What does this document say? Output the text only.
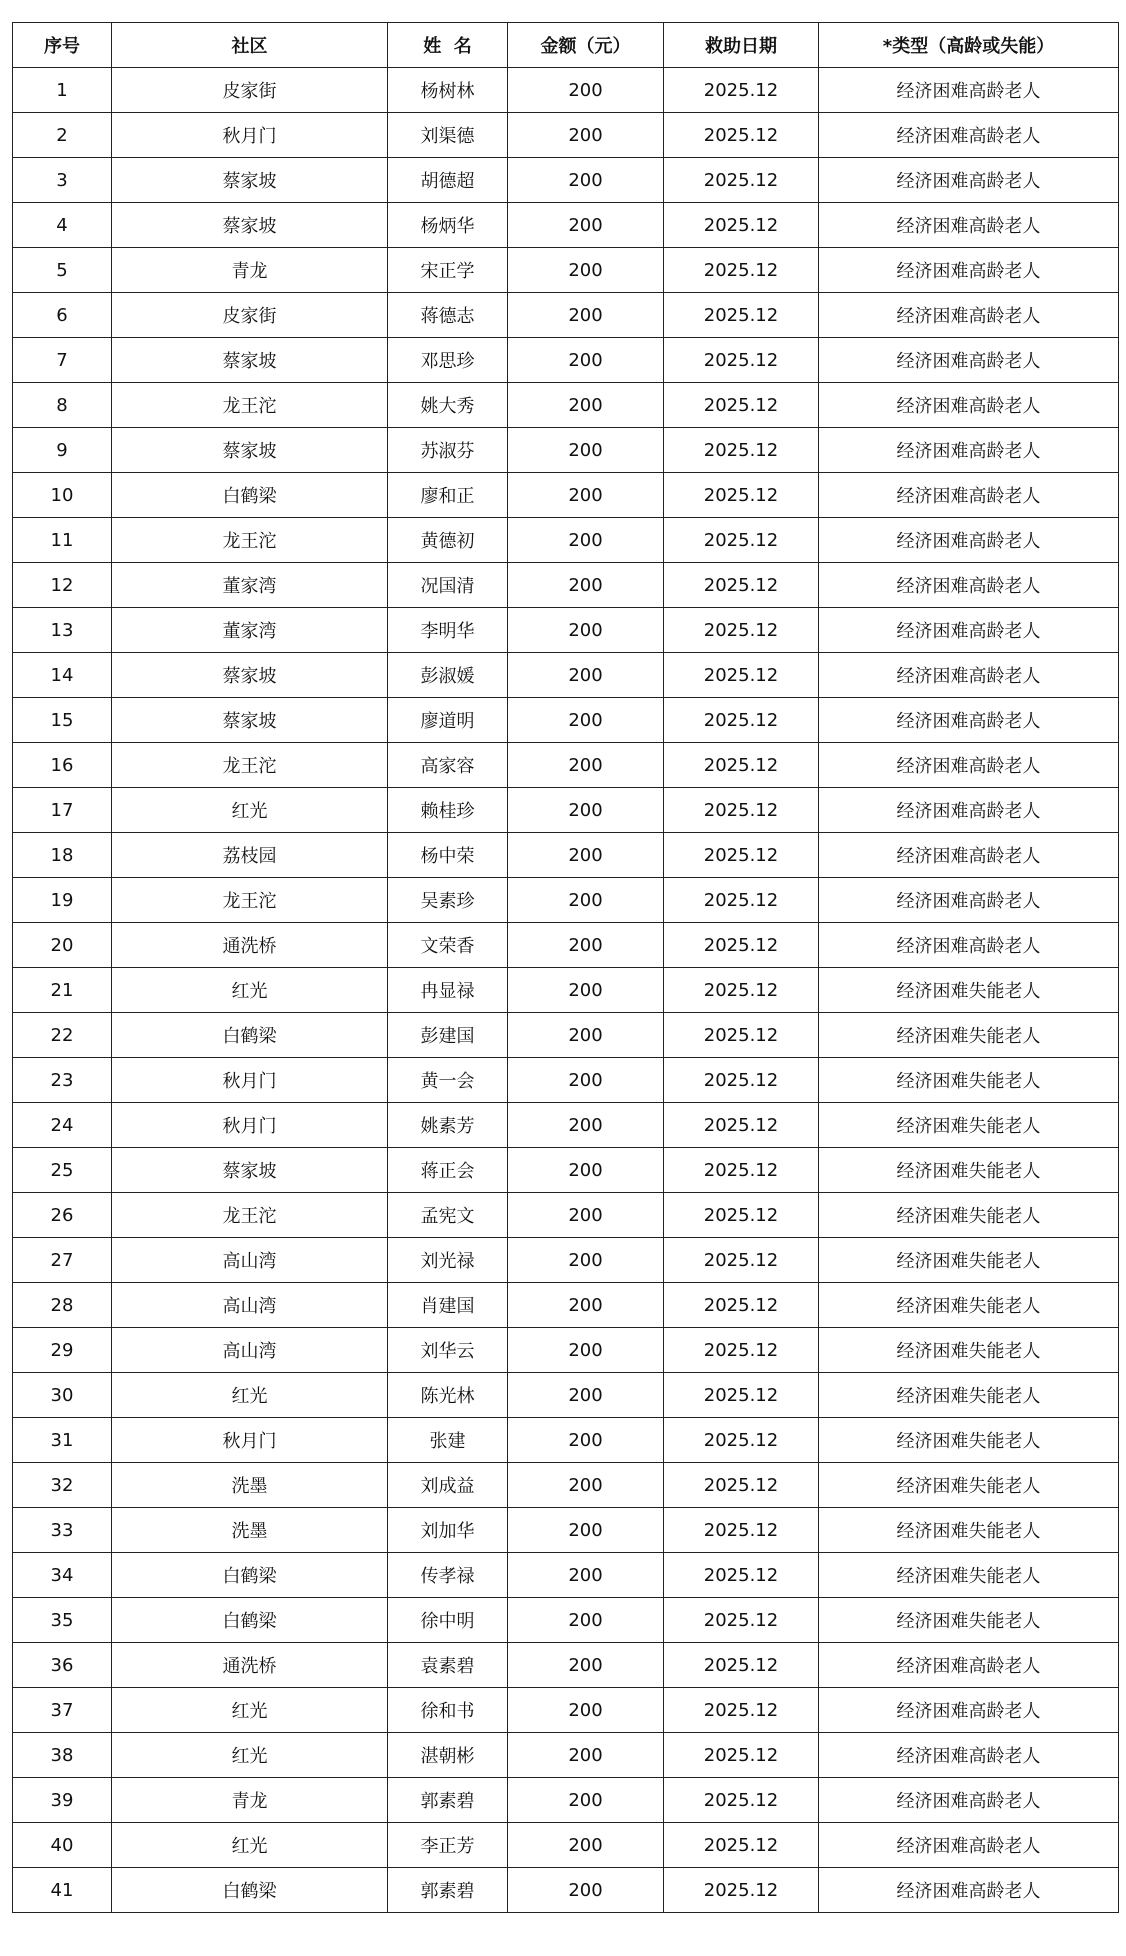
序号	社区	姓  名	金额（元）	救助日期	*类型（高龄或失能）
1	皮家街	杨树林	200	2025.12	经济困难高龄老人
2	秋月门	刘渠德	200	2025.12	经济困难高龄老人
3	蔡家坡	胡德超	200	2025.12	经济困难高龄老人
4	蔡家坡	杨炳华	200	2025.12	经济困难高龄老人
5	青龙	宋正学	200	2025.12	经济困难高龄老人
6	皮家街	蒋德志	200	2025.12	经济困难高龄老人
7	蔡家坡	邓思珍	200	2025.12	经济困难高龄老人
8	龙王沱	姚大秀	200	2025.12	经济困难高龄老人
9	蔡家坡	苏淑芬	200	2025.12	经济困难高龄老人
10	白鹤梁	廖和正	200	2025.12	经济困难高龄老人
11	龙王沱	黄德初	200	2025.12	经济困难高龄老人
12	董家湾	况国清	200	2025.12	经济困难高龄老人
13	董家湾	李明华	200	2025.12	经济困难高龄老人
14	蔡家坡	彭淑媛	200	2025.12	经济困难高龄老人
15	蔡家坡	廖道明	200	2025.12	经济困难高龄老人
16	龙王沱	高家容	200	2025.12	经济困难高龄老人
17	红光	赖桂珍	200	2025.12	经济困难高龄老人
18	荔枝园	杨中荣	200	2025.12	经济困难高龄老人
19	龙王沱	吴素珍	200	2025.12	经济困难高龄老人
20	通洗桥	文荣香	200	2025.12	经济困难高龄老人
21	红光	冉显禄	200	2025.12	经济困难失能老人
22	白鹤梁	彭建国	200	2025.12	经济困难失能老人
23	秋月门	黄一会	200	2025.12	经济困难失能老人
24	秋月门	姚素芳	200	2025.12	经济困难失能老人
25	蔡家坡	蒋正会	200	2025.12	经济困难失能老人
26	龙王沱	孟宪文	200	2025.12	经济困难失能老人
27	高山湾	刘光禄	200	2025.12	经济困难失能老人
28	高山湾	肖建国	200	2025.12	经济困难失能老人
29	高山湾	刘华云	200	2025.12	经济困难失能老人
30	红光	陈光林	200	2025.12	经济困难失能老人
31	秋月门	张建	200	2025.12	经济困难失能老人
32	洗墨	刘成益	200	2025.12	经济困难失能老人
33	洗墨	刘加华	200	2025.12	经济困难失能老人
34	白鹤梁	传孝禄	200	2025.12	经济困难失能老人
35	白鹤梁	徐中明	200	2025.12	经济困难失能老人
36	通洗桥	袁素碧	200	2025.12	经济困难高龄老人
37	红光	徐和书	200	2025.12	经济困难高龄老人
38	红光	湛朝彬	200	2025.12	经济困难高龄老人
39	青龙	郭素碧	200	2025.12	经济困难高龄老人
40	红光	李正芳	200	2025.12	经济困难高龄老人
41	白鹤梁	郭素碧	200	2025.12	经济困难高龄老人
